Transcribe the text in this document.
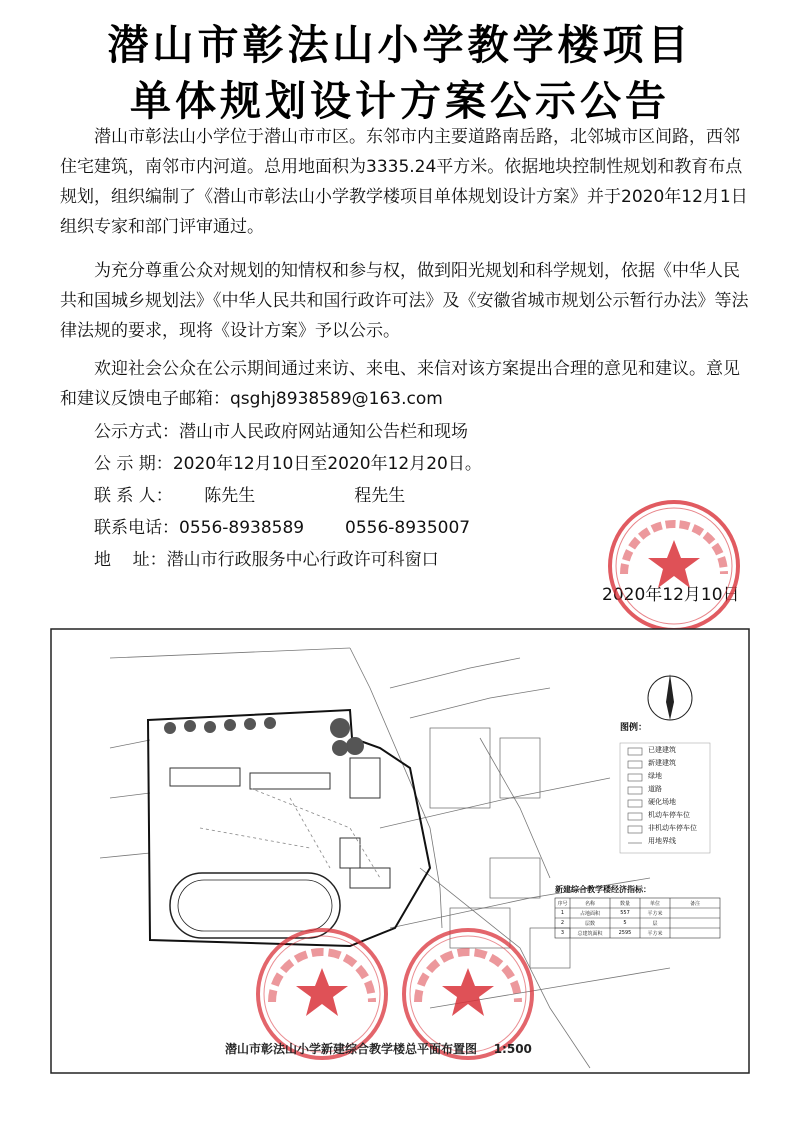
潜山市彰法山小学教学楼项目
单体规划设计方案公示公告

潜山市彰法山小学位于潜山市市区。东邻市内主要道路南岳路，北邻城市区间路，西邻住宅建筑，南邻市内河道。总用地面积为3335.24平方米。依据地块控制性规划和教育布点规划，组织编制了《潜山市彰法山小学教学楼项目单体规划设计方案》并于2020年12月1日组织专家和部门评审通过。

为充分尊重公众对规划的知情权和参与权，做到阳光规划和科学规划，依据《中华人民共和国城乡规划法》《中华人民共和国行政许可法》及《安徽省城市规划公示暂行办法》等法律法规的要求，现将《设计方案》予以公示。

欢迎社会公众在公示期间通过来访、来电、来信对该方案提出合理的意见和建议。意见和建议反馈电子邮箱：qsghj8938589@163.com

公示方式：潜山市人民政府网站通知公告栏和现场
公 示 期：2020年12月10日至2020年12月20日。
联 系 人： 陈先生	程先生
联系电话：0556-8938589 0556-8935007
地    址：潜山市行政服务中心行政许可科窗口
2020年12月10日
图例：
已建建筑
新建建筑
绿地
道路
硬化场地
机动车停车位
非机动车停车位
用地界线
新建综合教学楼经济指标：
序号	名称	数量	单位	备注
1	占地面积	557	平方米
2	层数	5	层
3	总建筑面积	2595	平方米
潜山市彰法山小学新建综合教学楼总平面布置图    1:500
